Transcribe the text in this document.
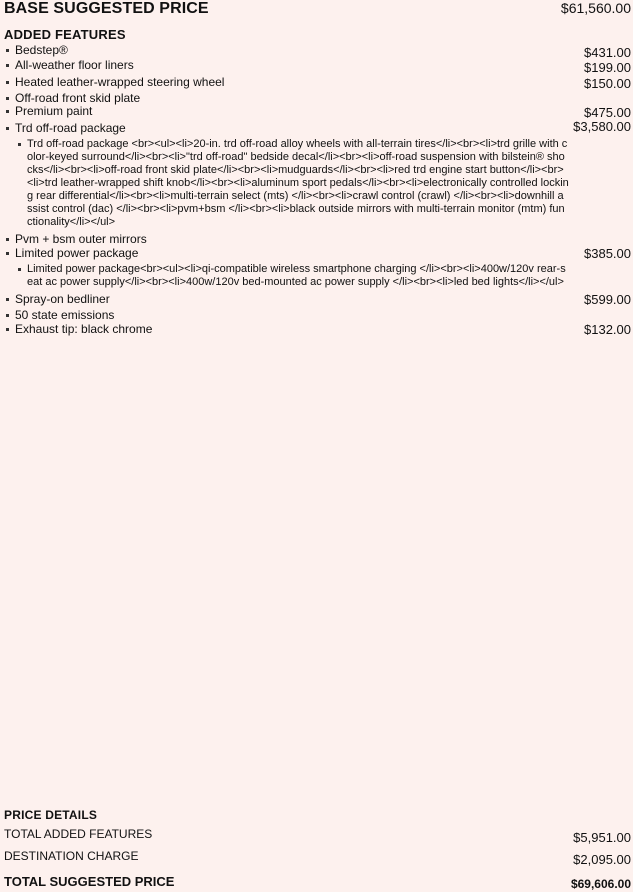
BASE SUGGESTED PRICE	$61,560.00
ADDED FEATURES
Bedstep®	$431.00
All-weather floor liners	$199.00
Heated leather-wrapped steering wheel	$150.00
Off-road front skid plate
Premium paint	$475.00
Trd off-road package	$3,580.00
Trd off-road package <br><ul><li>20-in. trd off-road alloy wheels with all-terrain tires</li><br><li>trd grille with color-keyed surround</li><br><li>"trd off-road" bedside decal</li><br><li>off-road suspension with bilstein® shocks</li><br><li>off-road front skid plate</li><br><li>mudguards</li><br><li>red trd engine start button</li><br><li>trd leather-wrapped shift knob</li><br><li>aluminum sport pedals</li><br><li>electronically controlled locking rear differential</li><br><li>multi-terrain select (mts) </li><br><li>crawl control (crawl) </li><br><li>downhill assist control (dac) </li><br><li>pvm+bsm </li><br><li>black outside mirrors with multi-terrain monitor (mtm) functionality</li></ul>
Pvm + bsm outer mirrors
Limited power package	$385.00
Limited power package<br><ul><li>qi-compatible wireless smartphone charging </li><br><li>400w/120v rear-seat ac power supply</li><br><li>400w/120v bed-mounted ac power supply </li><br><li>led bed lights</li></ul>
Spray-on bedliner	$599.00
50 state emissions
Exhaust tip: black chrome	$132.00
PRICE DETAILS
TOTAL ADDED FEATURES	$5,951.00
DESTINATION CHARGE	$2,095.00
TOTAL SUGGESTED PRICE	$69,606.00
